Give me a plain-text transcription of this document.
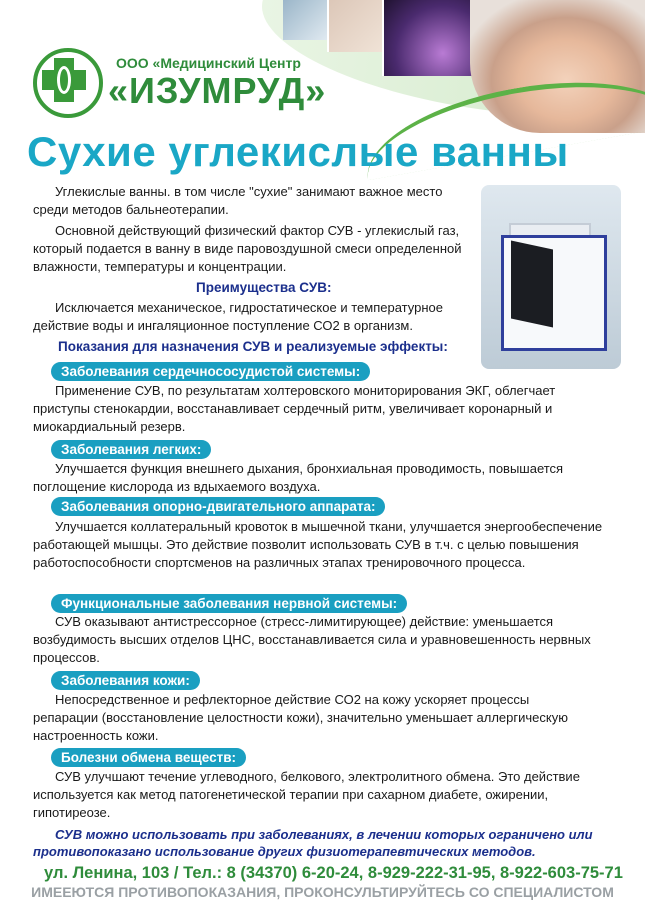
ООО «Медицинский Центр
«ИЗУМРУД»
Сухие углекислые ванны
Углекислые ванны. в том числе "сухие" занимают важное место среди методов бальнеотерапии.
Основной действующий физический фактор СУВ - углекислый газ, который подается в ванну в виде паровоздушной смеси определенной влажности, температуры и концентрации.
Преимущества СУВ:
Исключается механическое, гидростатическое и температурное действие воды и ингаляционное поступление СО2 в организм.
Показания для назначения СУВ и реализуемые эффекты:
Заболевания сердечнососудистой системы:
Применение СУВ, по результатам холтеровского мониторирования ЭКГ, облегчает приступы стенокардии, восстанавливает сердечный ритм, увеличивает коронарный и миокардиальный резерв.
Заболевания легких:
Улучшается функция внешнего дыхания, бронхиальная проводимость, повышается поглощение кислорода из вдыхаемого воздуха.
Заболевания опорно-двигательного аппарата:
Улучшается коллатеральный кровоток в мышечной ткани, улучшается энергообеспечение работающей мышцы. Это действие позволит использовать СУВ в т.ч. с целью повышения работоспособности спортсменов на различных этапах тренировочного процесса.
Функциональные заболевания нервной системы:
СУВ оказывают антистрессорное (стресс-лимитирующее) действие: уменьшается возбудимость высших отделов ЦНС, восстанавливается сила и уравновешенность нервных процессов.
Заболевания кожи:
Непосредственное и рефлекторное действие СО2 на кожу ускоряет процессы репарации (восстановление целостности кожи), значительно уменьшает аллергическую настроенность кожи.
Болезни обмена веществ:
СУВ улучшают течение углеводного, белкового, электролитного обмена. Это действие используется как метод патогенетической терапии при сахарном диабете, ожирении, гипотиреозе.
СУВ можно использовать при заболеваниях, в лечении которых ограничено или противопоказано использование других физиотерапевтических методов.
ул. Ленина, 103 / Тел.: 8 (34370) 6-20-24, 8-929-222-31-95, 8-922-603-75-71
ИМЕЕЮТСЯ ПРОТИВОПОКАЗАНИЯ, ПРОКОНСУЛЬТИРУЙТЕСЬ СО СПЕЦИАЛИСТОМ
